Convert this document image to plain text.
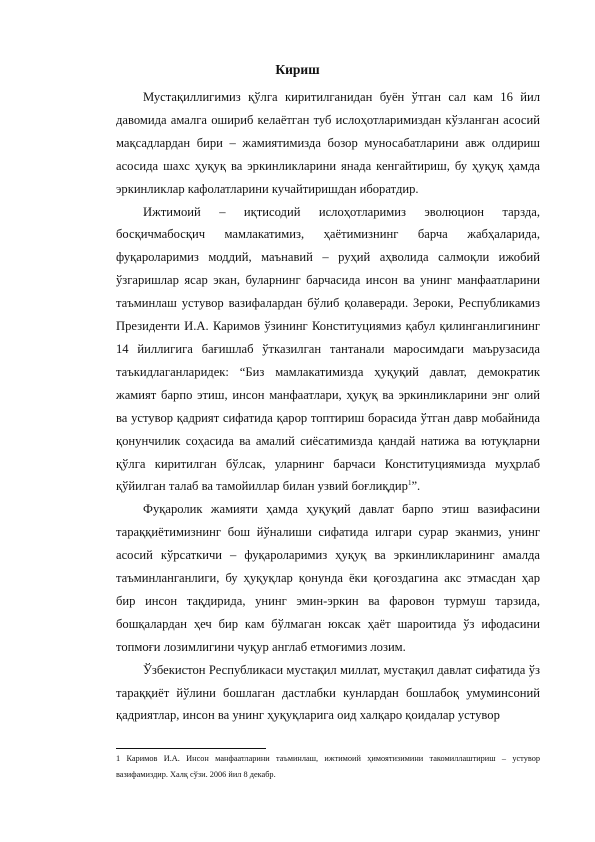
Кириш

Мустақиллигимиз қўлга киритилганидан буён ўтган сал кам 16 йил давомида амалга ошириб келаётган туб ислоҳотларимиздан кўзланган асосий мақсадлардан бири – жамиятимизда бозор муносабатларини авж олдириш асосида шахс ҳуқуқ ва эркинликларини янада кенгайтириш, бу ҳуқуқ ҳамда эркинликлар кафолатларини кучайтиришдан иборатдир.

Ижтимоий – иқтисодий ислоҳотларимиз эволюцион тарзда, босқичмабосқич мамлакатимиз, ҳаётимизнинг барча жабҳаларида, фуқароларимиз моддий, маънавий – руҳий аҳволида салмоқли ижобий ўзгаришлар ясар экан, буларнинг барчасида инсон ва унинг манфаатларини таъминлаш устувор вазифалардан бўлиб қолаверади. Зероки, Республикамиз Президенти И.А. Каримов ўзининг Конституциямиз қабул қилинганлигининг 14 йиллигига бағишлаб ўтказилган тантанали маросимдаги маърузасида таъкидлаганларидек: “Биз мамлакатимизда ҳуқуқий давлат, демократик жамият барпо этиш, инсон манфаатлари, ҳуқуқ ва эркинликларини энг олий ва устувор қадрият сифатида қарор топтириш борасида ўтган давр мобайнида қонунчилик соҳасида ва амалий сиёсатимизда қандай натижа ва ютуқларни қўлга киритилган бўлсак, уларнинг барчаси Конституциямизда муҳрлаб қўйилган талаб ва тамойиллар билан узвий боғлиқдир$^1$”.

Фуқаролик жамияти ҳамда ҳуқуқий давлат барпо этиш вазифасини тараққиётимизнинг бош йўналиши сифатида илгари сурар эканмиз, унинг асосий кўрсаткичи – фуқароларимиз ҳуқуқ ва эркинликларининг амалда таъминланганлиги, бу ҳуқуқлар қонунда ёки қоғоздагина акс этмасдан ҳар бир инсон тақдирида, унинг эмин-эркин ва фаровон турмуш тарзида, бошқалардан ҳеч бир кам бўлмаган юксак ҳаёт шароитида ўз ифодасини топмоғи лозимлигини чуқур англаб етмоғимиз лозим.

Ўзбекистон Республикаси мустақил миллат, мустақил давлат сифатида ўз тараққиёт йўлини бошлаган дастлабки кунлардан бошлабоқ умуминсоний қадриятлар, инсон ва унинг ҳуқуқларига оид халқаро қоидалар устувор

1 Каримов И.А. Инсон манфаатларини таъминлаш, ижтимоий ҳимоятизимини такомиллаштириш – устувор вазифамиздир. Халқ сўзи. 2006 йил 8 декабр.
